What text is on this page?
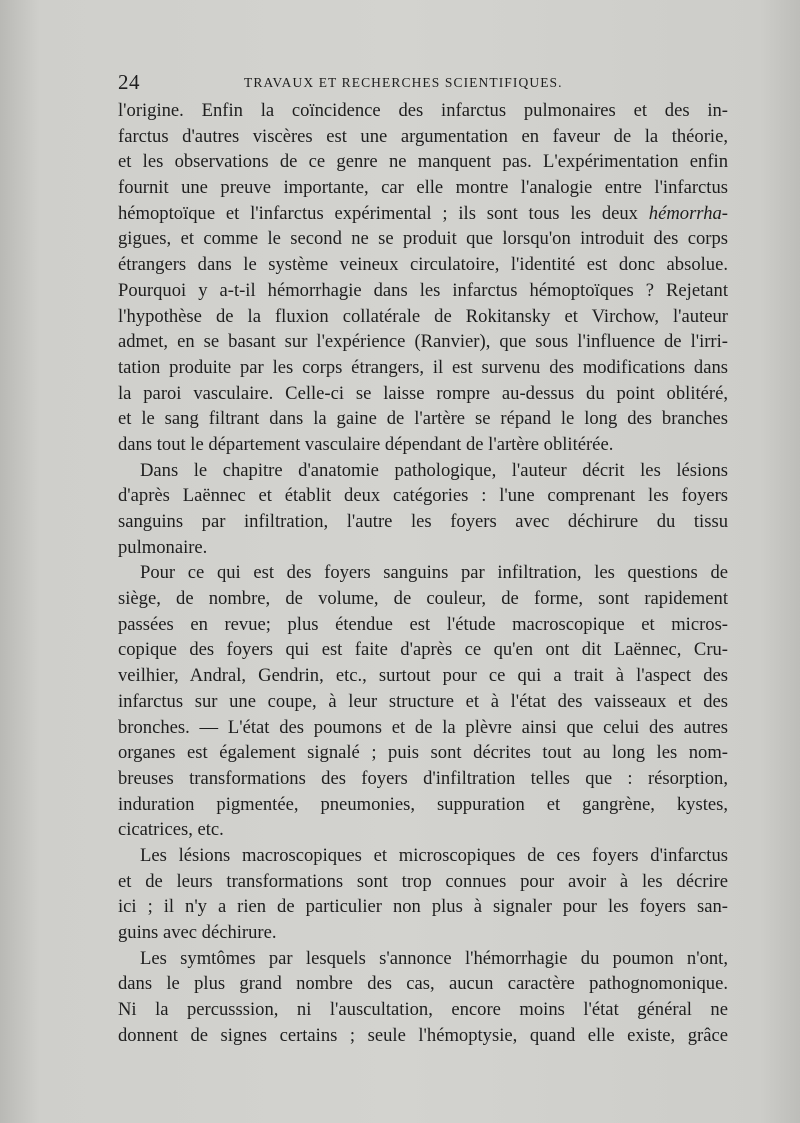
24	TRAVAUX ET RECHERCHES SCIENTIFIQUES.
l'origine. Enfin la coïncidence des infarctus pulmonaires et des in-
farctus d'autres viscères est une argumentation en faveur de la théorie,
et les observations de ce genre ne manquent pas. L'expérimentation enfin
fournit une preuve importante, car elle montre l'analogie entre l'infarctus
hémoptoïque et l'infarctus expérimental ; ils sont tous les deux hémorrha-
gigues, et comme le second ne se produit que lorsqu'on introduit des corps
étrangers dans le système veineux circulatoire, l'identité est donc absolue.
Pourquoi y a-t-il hémorrhagie dans les infarctus hémoptoïques ? Rejetant
l'hypothèse de la fluxion collatérale de Rokitansky et Virchow, l'auteur
admet, en se basant sur l'expérience (Ranvier), que sous l'influence de l'irri-
tation produite par les corps étrangers, il est survenu des modifications dans
la paroi vasculaire. Celle-ci se laisse rompre au-dessus du point oblitéré,
et le sang filtrant dans la gaine de l'artère se répand le long des branches
dans tout le département vasculaire dépendant de l'artère oblitérée.
Dans le chapitre d'anatomie pathologique, l'auteur décrit les lésions
d'après Laënnec et établit deux catégories : l'une comprenant les foyers
sanguins par infiltration, l'autre les foyers avec déchirure du tissu
pulmonaire.
Pour ce qui est des foyers sanguins par infiltration, les questions de
siège, de nombre, de volume, de couleur, de forme, sont rapidement
passées en revue; plus étendue est l'étude macroscopique et micros-
copique des foyers qui est faite d'après ce qu'en ont dit Laënnec, Cru-
veilhier, Andral, Gendrin, etc., surtout pour ce qui a trait à l'aspect des
infarctus sur une coupe, à leur structure et à l'état des vaisseaux et des
bronches. — L'état des poumons et de la plèvre ainsi que celui des autres
organes est également signalé ; puis sont décrites tout au long les nom-
breuses transformations des foyers d'infiltration telles que : résorption,
induration pigmentée, pneumonies, suppuration et gangrène, kystes,
cicatrices, etc.
Les lésions macroscopiques et microscopiques de ces foyers d'infarctus
et de leurs transformations sont trop connues pour avoir à les décrire
ici ; il n'y a rien de particulier non plus à signaler pour les foyers san-
guins avec déchirure.
Les symtômes par lesquels s'annonce l'hémorrhagie du poumon n'ont,
dans le plus grand nombre des cas, aucun caractère pathognomonique.
Ni la percusssion, ni l'auscultation, encore moins l'état général ne
donnent de signes certains ; seule l'hémoptysie, quand elle existe, grâce
